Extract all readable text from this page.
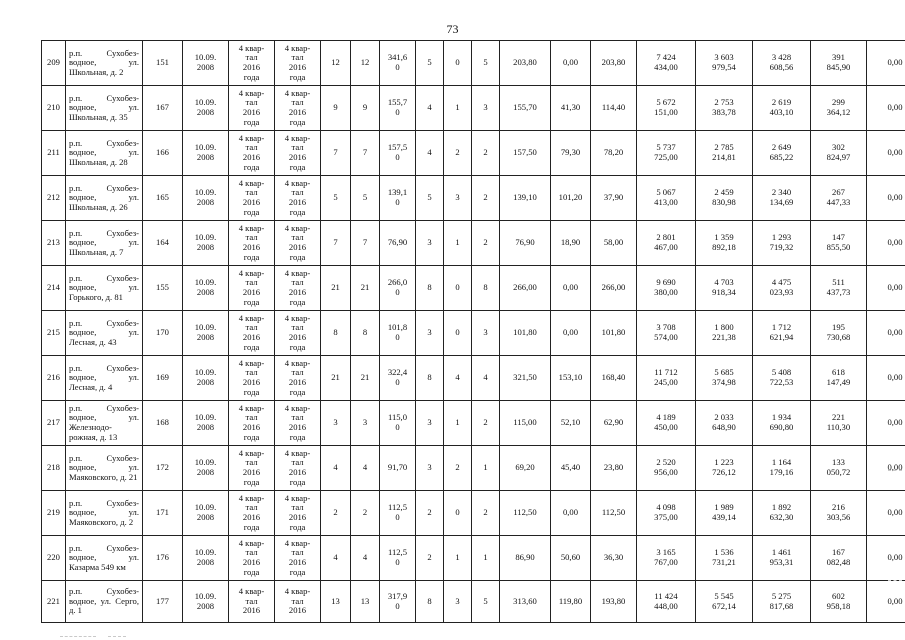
73
209	р.п. Сухобез-водное, ул. Школьная, д. 2	151	10.09.
2008	4 квар-
тал
2016
года	4 квар-
тал
2016
года	12	12	341,6
0	5	0	5	203,80	0,00	203,80	7 424
434,00	3 603
979,54	3 428
608,56	391
845,90	0,00
210	р.п. Сухобез-водное, ул. Школьная, д. 35	167	10.09.
2008	4 квар-
тал
2016
года	4 квар-
тал
2016
года	9	9	155,7
0	4	1	3	155,70	41,30	114,40	5 672
151,00	2 753
383,78	2 619
403,10	299
364,12	0,00
211	р.п. Сухобез-водное, ул. Школьная, д. 28	166	10.09.
2008	4 квар-
тал
2016
года	4 квар-
тал
2016
года	7	7	157,5
0	4	2	2	157,50	79,30	78,20	5 737
725,00	2 785
214,81	2 649
685,22	302
824,97	0,00
212	р.п. Сухобез-водное, ул. Школьная, д. 26	165	10.09.
2008	4 квар-
тал
2016
года	4 квар-
тал
2016
года	5	5	139,1
0	5	3	2	139,10	101,20	37,90	5 067
413,00	2 459
830,98	2 340
134,69	267
447,33	0,00
213	р.п. Сухобез-водное, ул. Школьная, д. 7	164	10.09.
2008	4 квар-
тал
2016
года	4 квар-
тал
2016
года	7	7	76,90	3	1	2	76,90	18,90	58,00	2 801
467,00	1 359
892,18	1 293
719,32	147
855,50	0,00
214	р.п. Сухобез-водное, ул. Горького, д. 81	155	10.09.
2008	4 квар-
тал
2016
года	4 квар-
тал
2016
года	21	21	266,0
0	8	0	8	266,00	0,00	266,00	9 690
380,00	4 703
918,34	4 475
023,93	511
437,73	0,00
215	р.п. Сухобез-водное, ул. Лесная, д. 43	170	10.09.
2008	4 квар-
тал
2016
года	4 квар-
тал
2016
года	8	8	101,8
0	3	0	3	101,80	0,00	101,80	3 708
574,00	1 800
221,38	1 712
621,94	195
730,68	0,00
216	р.п. Сухобез-водное, ул. Лесная, д. 4	169	10.09.
2008	4 квар-
тал
2016
года	4 квар-
тал
2016
года	21	21	322,4
0	8	4	4	321,50	153,10	168,40	11 712
245,00	5 685
374,98	5 408
722,53	618
147,49	0,00
217	р.п. Сухобез-водное, ул. Железнодо-рожная, д. 13	168	10.09.
2008	4 квар-
тал
2016
года	4 квар-
тал
2016
года	3	3	115,0
0	3	1	2	115,00	52,10	62,90	4 189
450,00	2 033
648,90	1 934
690,80	221
110,30	0,00
218	р.п. Сухобез-водное, ул. Маяковского, д. 21	172	10.09.
2008	4 квар-
тал
2016
года	4 квар-
тал
2016
года	4	4	91,70	3	2	1	69,20	45,40	23,80	2 520
956,00	1 223
726,12	1 164
179,16	133
050,72	0,00
219	р.п. Сухобез-водное, ул. Маяковского, д. 2	171	10.09.
2008	4 квар-
тал
2016
года	4 квар-
тал
2016
года	2	2	112,5
0	2	0	2	112,50	0,00	112,50	4 098
375,00	1 989
439,14	1 892
632,30	216
303,56	0,00
220	р.п. Сухобез-водное, ул. Казарма 549 км	176	10.09.
2008	4 квар-
тал
2016
года	4 квар-
тал
2016
года	4	4	112,5
0	2	1	1	86,90	50,60	36,30	3 165
767,00	1 536
731,21	1 461
953,31	167
082,48	0,00
221	р.п. Сухобез-водное, ул. Серго, д. 1	177	10.09.
2008	4 квар-
тал
2016	4 квар-
тал
2016	13	13	317,9
0	8	3	5	313,60	119,80	193,80	11 424
448,00	5 545
672,14	5 275
817,68	602
958,18	0,00
